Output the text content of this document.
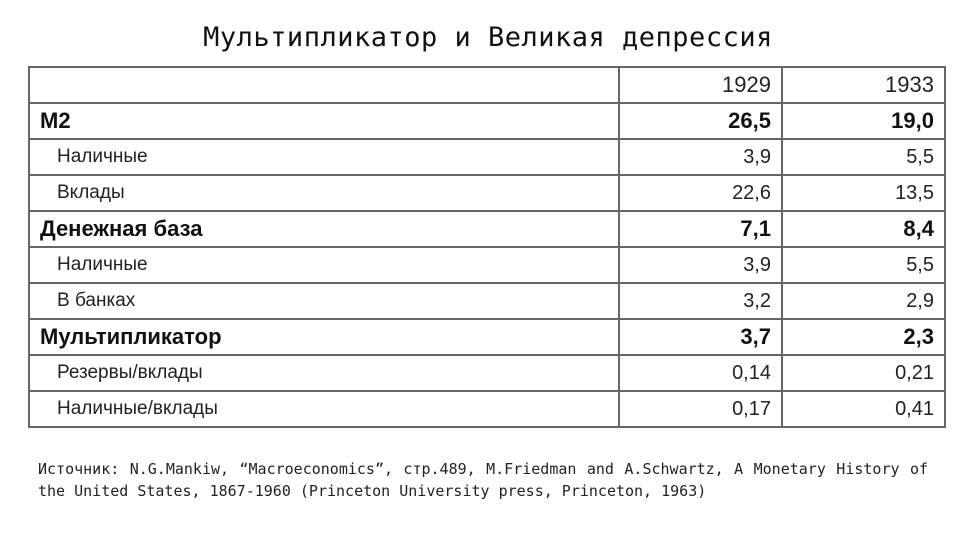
Мультипликатор и Великая депрессия
	1929	1933
M2	26,5	19,0
Наличные	3,9	5,5
Вклады	22,6	13,5
Денежная база	7,1	8,4
Наличные	3,9	5,5
В банках	3,2	2,9
Мультипликатор	3,7	2,3
Резервы/вклады	0,14	0,21
Наличные/вклады	0,17	0,41
Источник: N.G.Mankiw, “Macroeconomics”, стр.489, M.Friedman and A.Schwartz, A Monetary History of the United States, 1867-1960 (Princeton University press, Princeton, 1963)
